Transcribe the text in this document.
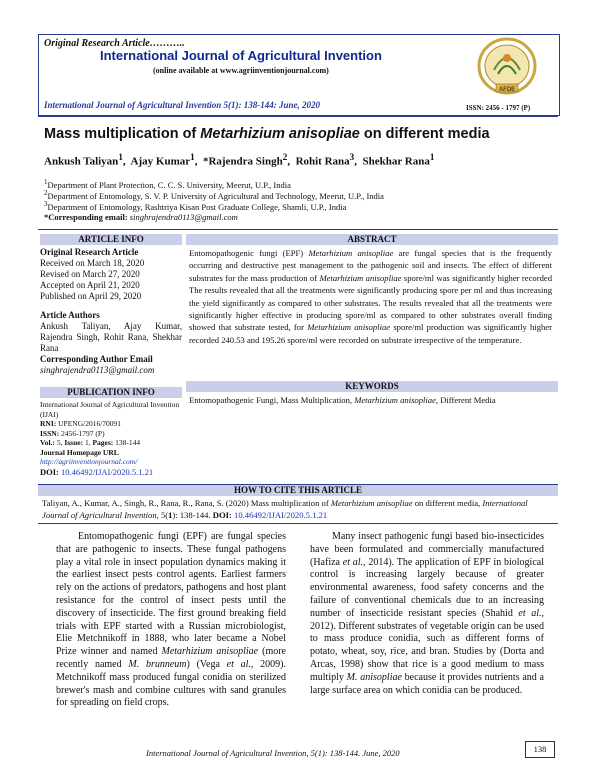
Original Research Article………..
International Journal of Agricultural Invention
(online available at www.agriinventionjournal.com)
International Journal of Agricultural Invention 5(1): 138-144: June, 2020	ISSN: 2456 - 1797 (P)
AFDE
Mass multiplication of Metarhizium anisopliae on different media
Ankush Taliyan$^1$,  Ajay Kumar$^1$,  *Rajendra Singh$^2$,  Rohit Rana$^3$,  Shekhar Rana$^1$
$^1$Department of Plant Protection, C. C. S. University, Meerut, U.P., India
$^2$Department of Entomology, S. V. P. University of Agricultural and Technology, Meerut, U.P., India
$^3$Department of Entomology, Rashtriya Kisan Post Graduate College, Shamli, U.P., India
*Corresponding email: singhrajendra0113@gmail.com
ARTICLE INFO
Original Research Article
Received on March 18, 2020
Revised on March 27, 2020
Accepted on April 21, 2020
Published on April 29, 2020
Article Authors
Ankush Taliyan, Ajay Kumar, Rajendra Singh, Rohit Rana, Shekhar Rana
Corresponding Author Email
singhrajendra0113@gmail.com
PUBLICATION INFO
International Journal of Agricultural Invention (IJAI)
RNI: UPENG/2016/70091
ISSN: 2456-1797 (P)
Vol.: 5, Issue: 1, Pages: 138-144
Journal Homepage URL
http://agriinventionjournal.com/
DOI: 10.46492/IJAI/2020.5.1.21
ABSTRACT
Entomopathogenic fungi (EPF) Metarhizium anisopliae are fungal species that is the frequently occurring and destructive pest management to the pathogenic soil and insects. The effect of different substrates for the mass production of Metarhizium anisopliae spore/ml was significantly higher recorded The results revealed that all the treatments were significantly producing spore per ml and thus increasing the yield significantly as compared to other substrates. The results revealed that all the treatments were significantly higher effective in producing spore/ml as compared to other substrates overall finding showed that substrate tested, for Metarhizium anisopliae spore/ml production was significantly higher recorded 240.53 and 195.26 spore/ml were recorded on substrate irrespective of the temperature.
KEYWORDS
Entomopathogenic Fungi, Mass Multiplication, Metarhizium anisopliae, Different Media
HOW TO CITE THIS ARTICLE
Taliyan, A., Kumar, A., Singh, R., Rana, R., Rana, S. (2020) Mass multiplication of Metarhizium anisopliae on different media, International Journal of Agricultural Invention, 5(1): 138-144. DOI: 10.46492/IJAI/2020.5.1.21
Entomopathogenic fungi (EPF) are fungal species that are pathogenic to insects. These fungal pathogens play a vital role in insect population dynamics making it the earliest insect pests control agents. Earliest farmers rely on the actions of predators, pathogens and host plant resistance for the control of insect pests until the discovery of insecticide. The first ground breaking field trials with EPF started with a Russian microbiologist, Elie Metchnikoff in 1888, who later became a Nobel Prize winner and named Metarhizium anisopliae (more recently named M. brunneum) (Vega et al., 2009). Metchnikoff mass produced fungal conidia on sterilized brewer's mash and combine cultures with sand granules for spreading on field crops.
Many insect pathogenic fungi based bio-insecticides have been formulated and commercially manufactured (Hafiza et al., 2014). The application of EPF in biological control is increasing largely because of greater environmental awareness, food safety concerns and the failure of conventional chemicals due to an increasing number of insecticide resistant species (Shahid et al., 2012). Different substrates of vegetable origin can be used to mass produce conidia, such as different forms of potato, wheat, soy, rice, and bran. Studies by (Dorta and Arcas, 1998) show that rice is a good medium to mass multiply M. anisopliae because it provides nutrients and a large surface area on which conidia can be produced.
International Journal of Agricultural Invention, 5(1): 138-144. June, 2020	138
